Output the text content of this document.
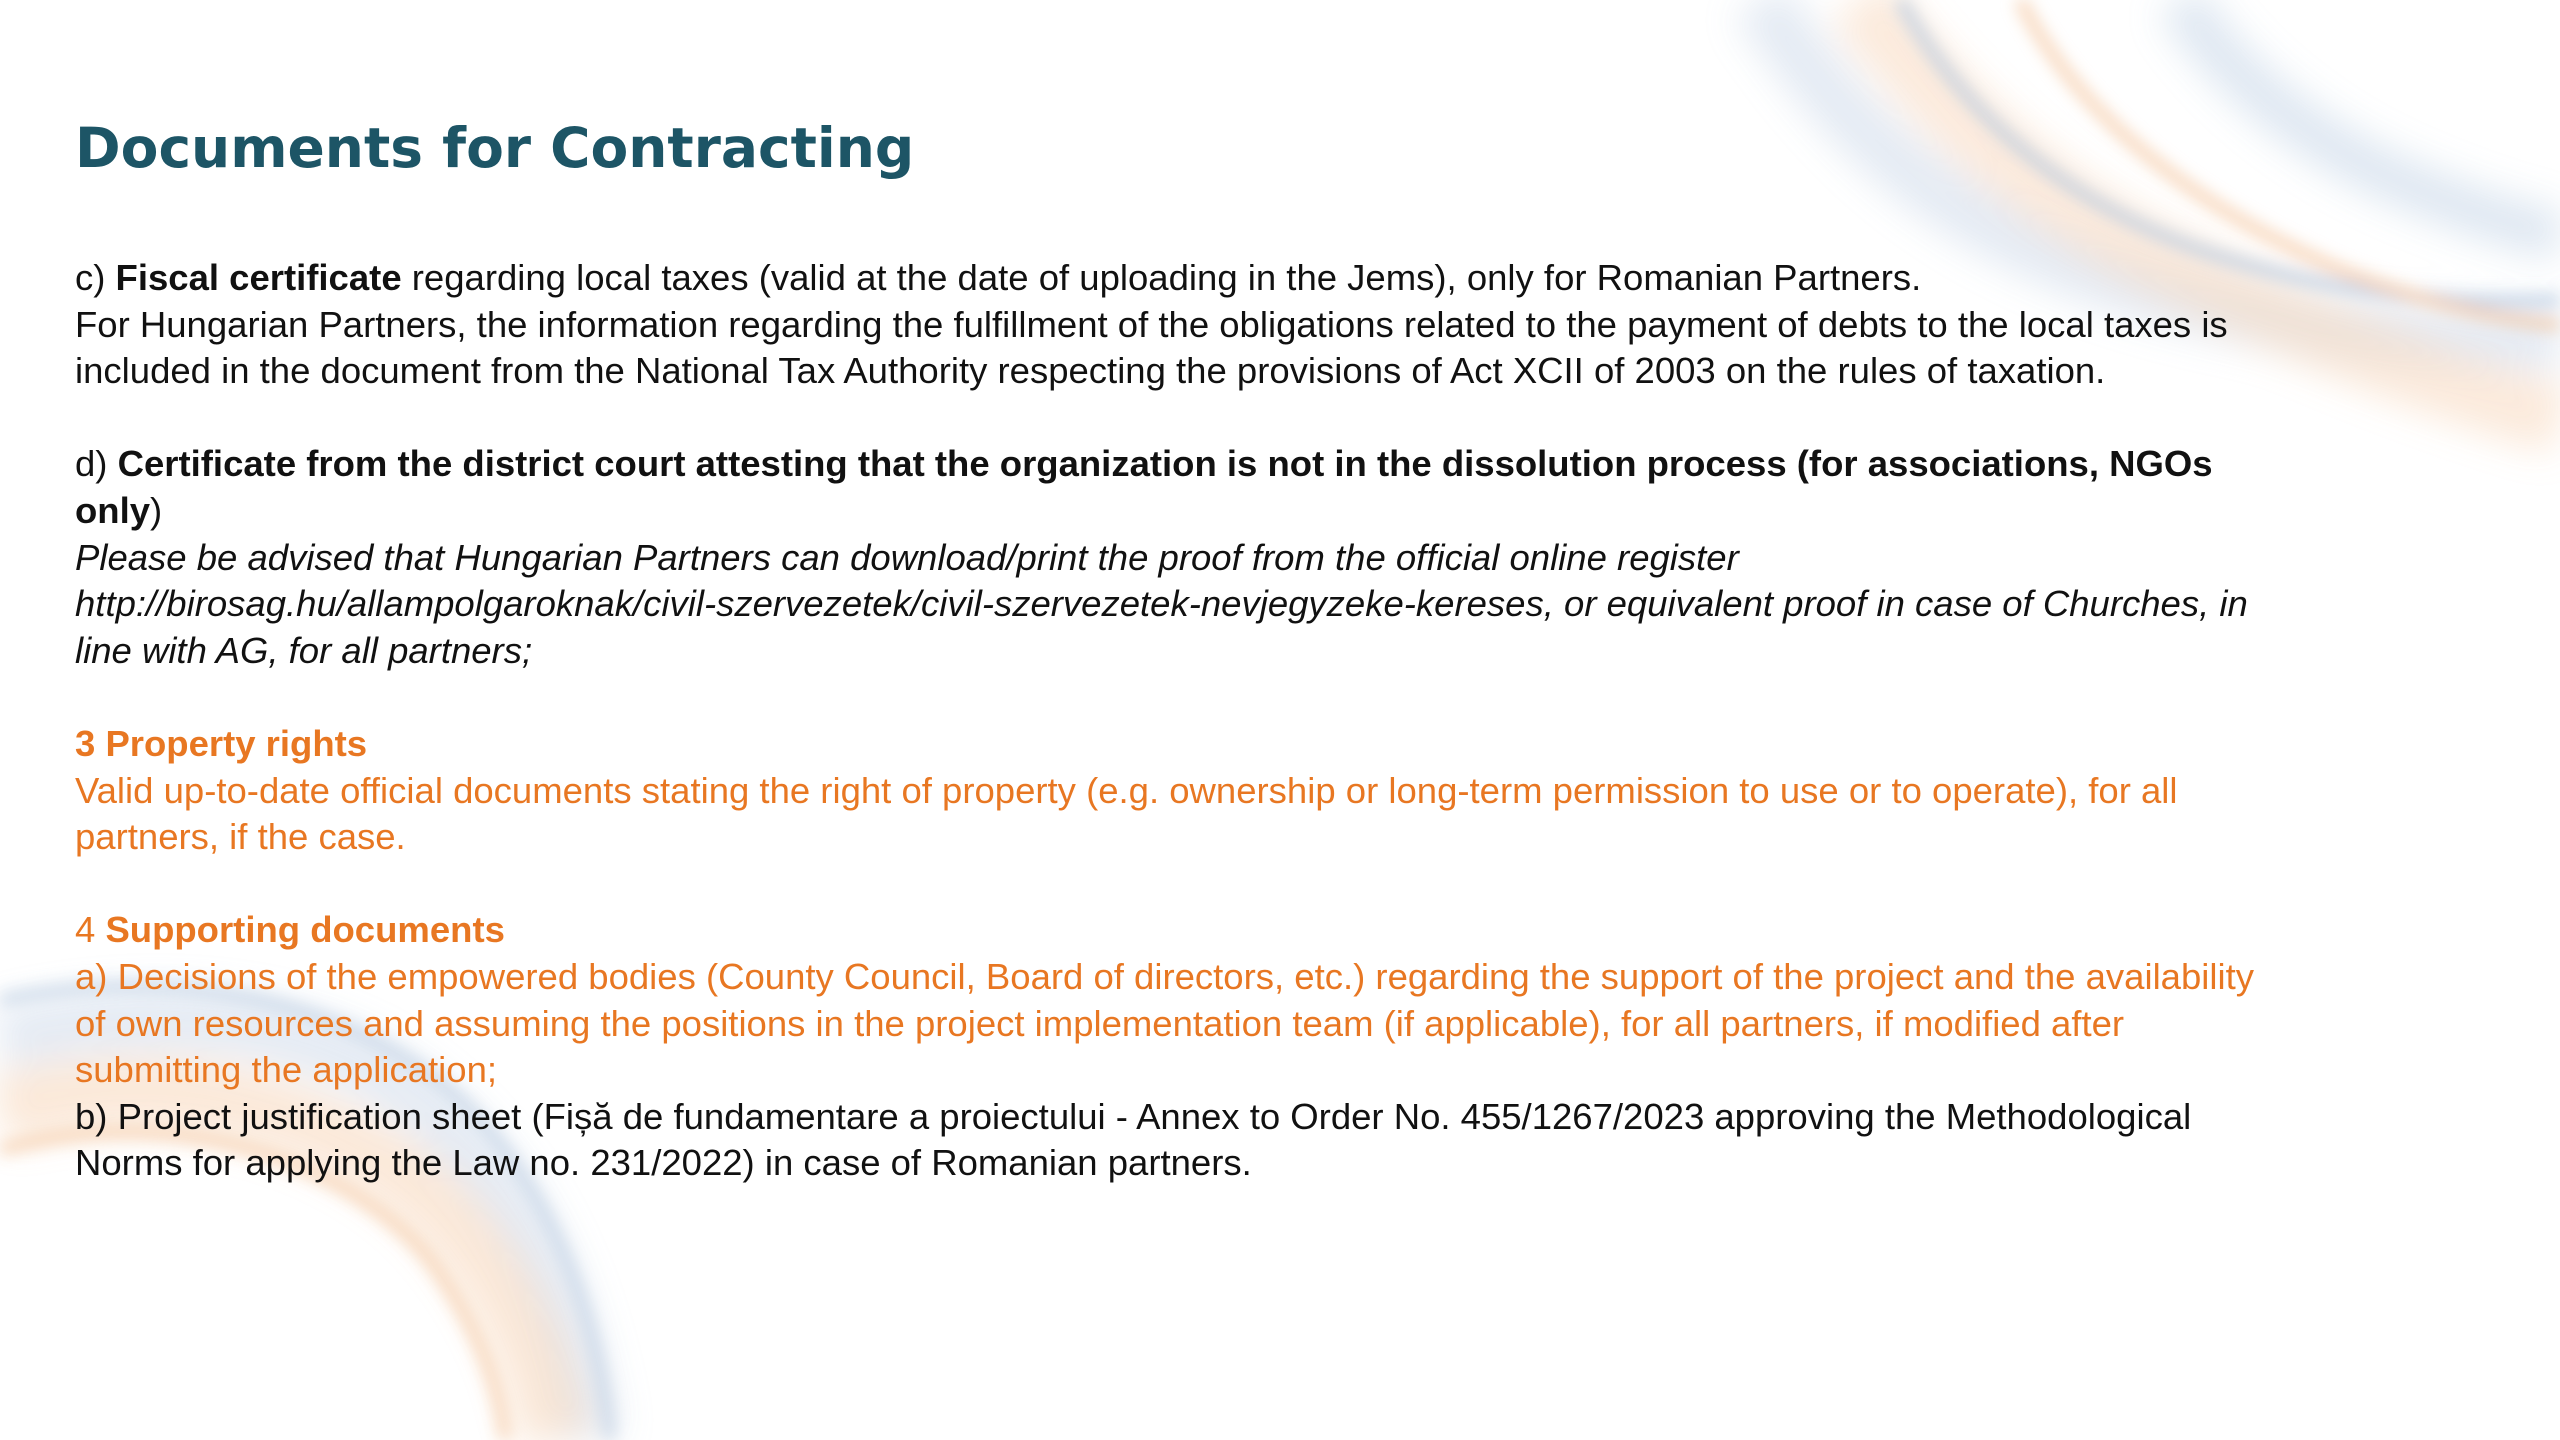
Documents for Contracting

c) Fiscal certificate regarding local taxes (valid at the date of uploading in the Jems), only for Romanian Partners.

For Hungarian Partners, the information regarding the fulfillment of the obligations related to the payment of debts to the local taxes is

included in the document from the National Tax Authority respecting the provisions of Act XCII of 2003 on the rules of taxation.

d) Certificate from the district court attesting that the organization is not in the dissolution process (for associations, NGOs

only)

Please be advised that Hungarian Partners can download/print the proof from the official online register

http://birosag.hu/allampolgaroknak/civil-szervezetek/civil-szervezetek-nevjegyzeke-kereses, or equivalent proof in case of Churches, in

line with AG, for all partners;

3 Property rights

Valid up-to-date official documents stating the right of property (e.g. ownership or long-term permission to use or to operate), for all

partners, if the case.

4 Supporting documents

a) Decisions of the empowered bodies (County Council, Board of directors, etc.) regarding the support of the project and the availability

of own resources and assuming the positions in the project implementation team (if applicable), for all partners, if modified after

submitting the application;

b) Project justification sheet (Fișă de fundamentare a proiectului - Annex to Order No. 455/1267/2023 approving the Methodological

Norms for applying the Law no. 231/2022) in case of Romanian partners.
